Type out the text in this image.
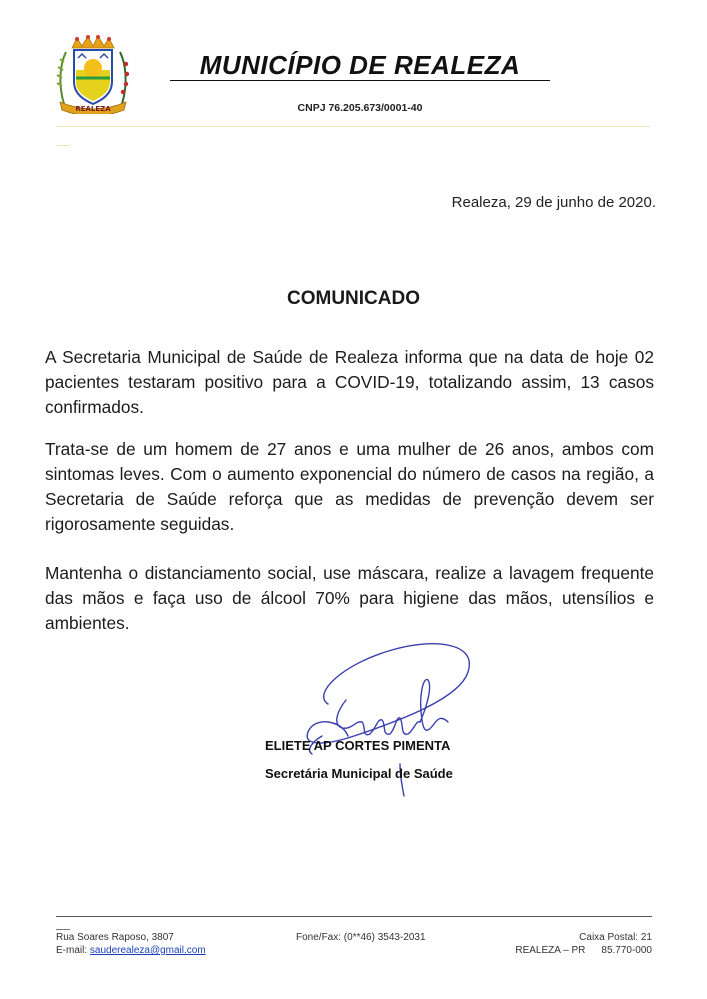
REALEZA
MUNICÍPIO DE REALEZA
CNPJ 76.205.673/0001-40
Realeza, 29 de junho de 2020.
COMUNICADO
A Secretaria Municipal de Saúde de Realeza informa que na data de hoje 02 pacientes testaram positivo para a COVID-19, totalizando assim, 13 casos confirmados.
Trata-se de um homem de 27 anos e uma mulher de 26 anos, ambos com sintomas leves. Com o aumento exponencial do número de casos na região, a Secretaria de Saúde reforça que as medidas de prevenção devem ser rigorosamente seguidas.
Mantenha o distanciamento social, use máscara, realize a lavagem frequente das mãos e faça uso de álcool 70% para higiene das mãos, utensílios e ambientes.
ELIETE AP CORTES PIMENTA
Secretária Municipal de Saúde
Rua Soares Raposo, 3807
E-mail: sauderealeza@gmail.com
Fone/Fax: (0**46) 3543-2031	Caixa Postal: 21
REALEZA – PR 85.770-000
